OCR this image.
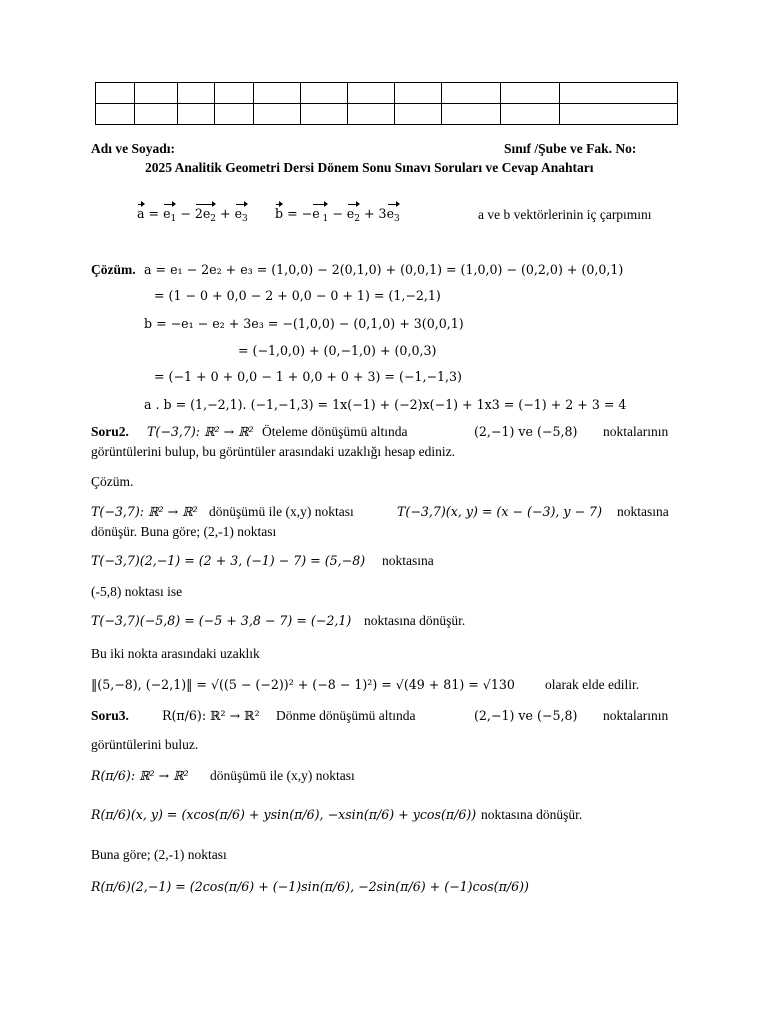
Adı ve Soyadı:	Sınıf /Şube ve Fak. No:
2025 Analitik Geometri Dersi Dönem Sonu Sınavı Soruları ve Cevap Anahtarı
$a = e_1 - 2e_2 + e_3$ b = −e $_1 - e_2 + 3e_3$	a ve b vektörlerinin iç çarpımını
Çözüm. a = e₁ − 2e₂ + e₃ = (1,0,0) − 2(0,1,0) + (0,0,1) = (1,0,0) − (0,2,0) + (0,0,1)
= (1 − 0 + 0,0 − 2 + 0,0 − 0 + 1) = (1,−2,1)
b = −e₁ − e₂ + 3e₃ = −(1,0,0) − (0,1,0) + 3(0,0,1)
= (−1,0,0) + (0,−1,0) + (0,0,3)
= (−1 + 0 + 0,0 − 1 + 0,0 + 0 + 3) = (−1,−1,3)
a . b = (1,−2,1). (−1,−1,3) = 1x(−1) + (−2)x(−1) + 1x3 = (−1) + 2 + 3 = 4
Soru2. T(−3,7): ℝ² → ℝ² Öteleme dönüşümü altında	(2,−1) ve (−5,8) noktalarının
görüntülerini bulup, bu görüntüler arasındaki uzaklığı hesap ediniz.
Çözüm.
T(−3,7): ℝ² → ℝ² dönüşümü ile (x,y) noktası	T(−3,7)(x, y) = (x − (−3), y − 7) noktasına
dönüşür. Buna göre; (2,-1) noktası
T(−3,7)(2,−1) = (2 + 3, (−1) − 7) = (5,−8) noktasına
(-5,8) noktası ise
T(−3,7)(−5,8) = (−5 + 3,8 − 7) = (−2,1) noktasına dönüşür.
Bu iki nokta arasındaki uzaklık
‖(5,−8), (−2,1)‖ = √((5 − (−2))² + (−8 − 1)²) = √(49 + 81) = √130 olarak elde edilir.
Soru3.	R(π/6): ℝ² → ℝ² Dönme dönüşümü altında	(2,−1) ve (−5,8) noktalarının
görüntülerini buluz.
R(π/6): ℝ² → ℝ² dönüşümü ile (x,y) noktası
R(π/6)(x, y) = (xcos(π/6) + ysin(π/6), −xsin(π/6) + ycos(π/6)) noktasına dönüşür.
Buna göre; (2,-1) noktası
R(π/6)(2,−1) = (2cos(π/6) + (−1)sin(π/6), −2sin(π/6) + (−1)cos(π/6))
